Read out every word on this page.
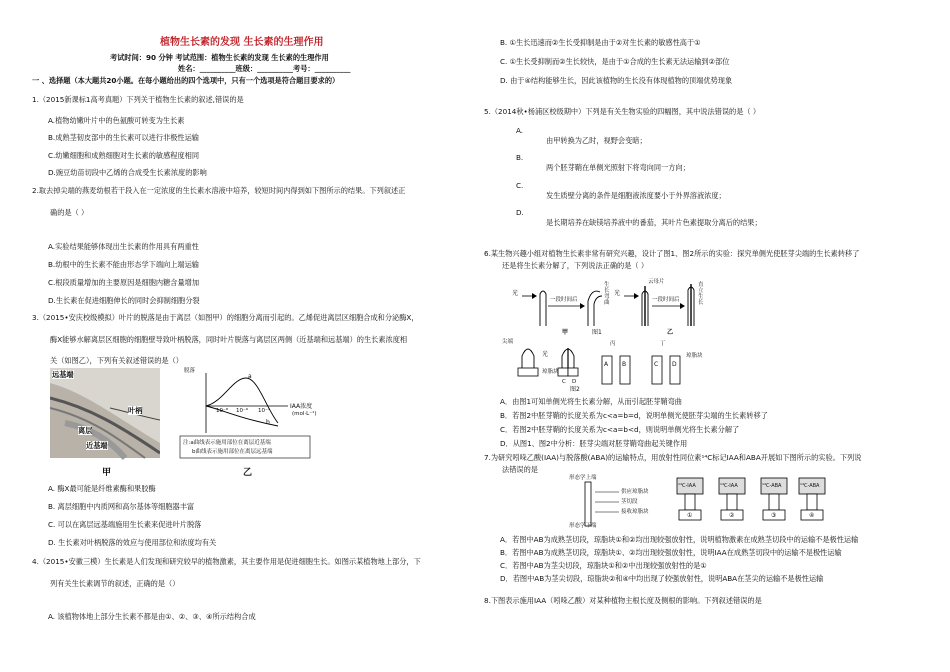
植物生长素的发现 生长素的生理作用
考试时间：90 分钟 考试范围：植物生长素的发现 生长素的生理作用
姓名：__________班级：__________考号：__________
一 、选择题（本大题共20小题。在每小题给出的四个选项中，只有一个选项是符合题目要求的）
1.（2015新课标1高考真题）下列关于植物生长素的叙述,错误的是
A.植物幼嫩叶片中的色氨酸可转变为生长素
B.成熟茎韧皮部中的生长素可以进行非极性运输
C.幼嫩细胞和成熟细胞对生长素的敏感程度相同
D.豌豆幼苗切段中乙烯的合成受生长素浓度的影响
2.取去掉尖端的燕麦幼根若干段入在一定浓度的生长素水溶液中培养，较短时间内得到如下图所示的结果。下列叙述正
确的是（ ）
A.实验结果能够体现出生长素的作用具有两重性
B.幼根中的生长素不能由形态学下端向上端运输
C.根段质量增加的主要原因是细胞内糖含量增加
D.生长素在促进细胞伸长的同时会抑制细胞分裂
3.（2015•安庆校级模拟）叶片的脱落是由于离层（如图甲）的细胞分离而引起的。乙烯促进离层区细胞合成和分泌酶X，
酶X能够水解离层区细胞的细胞壁导致叶柄脱落，同时叶片脱落与离层区两侧（近基端和远基端）的生长素浓度相
关（如图乙），下列有关叙述错误的是（）
远基端
叶柄
离层
近基端
甲
脱落
a
b
10⁻⁸ 10⁻⁶ 10⁻⁴
IAA浓度
(mol·L⁻¹)
注:a曲线表示施用部位在离层近基端
b曲线表示施用部位在离层远基端
乙
A. 酶X最可能是纤维素酶和果胶酶
B. 离层细胞中内质网和高尔基体等细胞器丰富
C. 可以在离层远基端施用生长素来促进叶片脱落
D. 生长素对叶柄脱落的效应与使用部位和浓度均有关
4.（2015•安徽三模）生长素是人们发现和研究较早的植物激素，其主要作用是促进细胞生长。如图示某植物地上部分，下
列有关生长素调节的叙述，正确的是（）
A. 该植物体地上部分生长素不都是由①、②、③、④所示结构合成
B. ①生长迅速而②生长受抑制是由于②对生长素的敏感性高于①
C. ①生长受抑制而②生长较快，是由于①合成的生长素无法运输到②部位
D. 由于④结构能够生长，因此该植物的生长没有体现植物的顶端优势现象
5.（2014秋•杨浦区校级期中）下列是有关生物实验的四幅图，其中说法错误的是（ ）
A.
由甲转换为乙时，视野会变暗；
B.
两个胚芽鞘在单侧光照射下将弯向同一方向；
C.
发生质壁分离的条件是细胞液浓度要小于外界溶液浓度；
D.
是长期培养在缺镁培养液中的番茄，其叶片色素提取分离后的结果；
6.某生物兴趣小组对植物生长素非常有研究兴趣，设计了图1、图2所示的实验：探究单侧光使胚芽尖端的生长素转移了
还是将生长素分解了，下列说法正确的是（ ）
光
一段时间后
生长弯曲
光
云母片
一段时间后
直立生长
甲	乙
图1
尖端
光
琼脂块
C D
A B	C D
琼脂块
丙	丁
图2
A．由图1可知单侧光将生长素分解，从而引起胚芽鞘弯曲
B．若图2中胚芽鞘的长度关系为c<a=b=d，说明单侧光使胚芽尖端的生长素转移了
C．若图2中胚芽鞘的长度关系为c<a=b<d，则说明单侧光将生长素分解了
D．从图1、图2中分析：胚芽尖端对胚芽鞘弯曲起关键作用
7.为研究吲哚乙酸(IAA)与脱落酸(ABA)的运输特点，用放射性同位素¹⁴C标记IAA和ABA开展如下图所示的实验。下列说
法错误的是
形态学上端
形态学下端
供应琼脂块
茎切段
接收琼脂块
¹⁴C-IAA	¹⁴C-IAA	¹⁴C-ABA	¹⁴C-ABA
①	②	③	④
A．若图中AB为成熟茎切段，琼脂块①和②均出现较强放射性，说明植物激素在成熟茎切段中的运输不是极性运输
B．若图中AB为成熟茎切段，琼脂块①、②均出现较强放射性，说明IAA在成熟茎切段中的运输不是极性运输
C．若图中AB为茎尖切段，琼脂块①和②中出现较强放射性的是①
D．若图中AB为茎尖切段，琼脂块②和④中均出现了较强放射性，说明ABA在茎尖的运输不是极性运输
8.下图表示施用IAA（吲哚乙酸）对某种植物主根长度及侧根的影响。下列叙述错误的是
